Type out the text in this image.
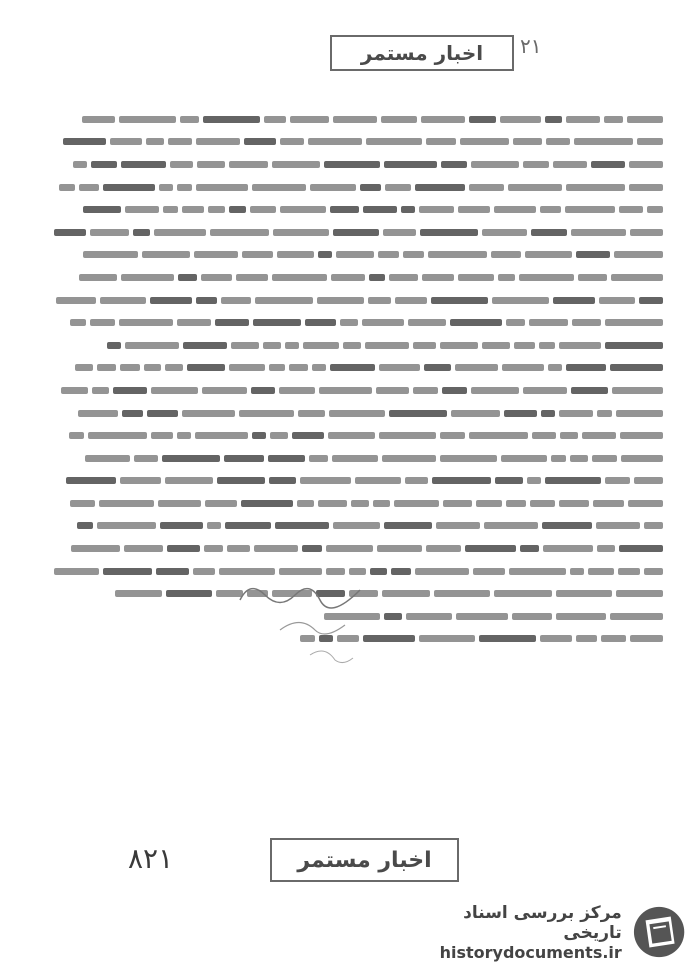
اخبار مستمر ۲۱
اخبار مستمر
۸۲۱
مرکز بررسی اسناد تاریخی
historydocuments.ir
